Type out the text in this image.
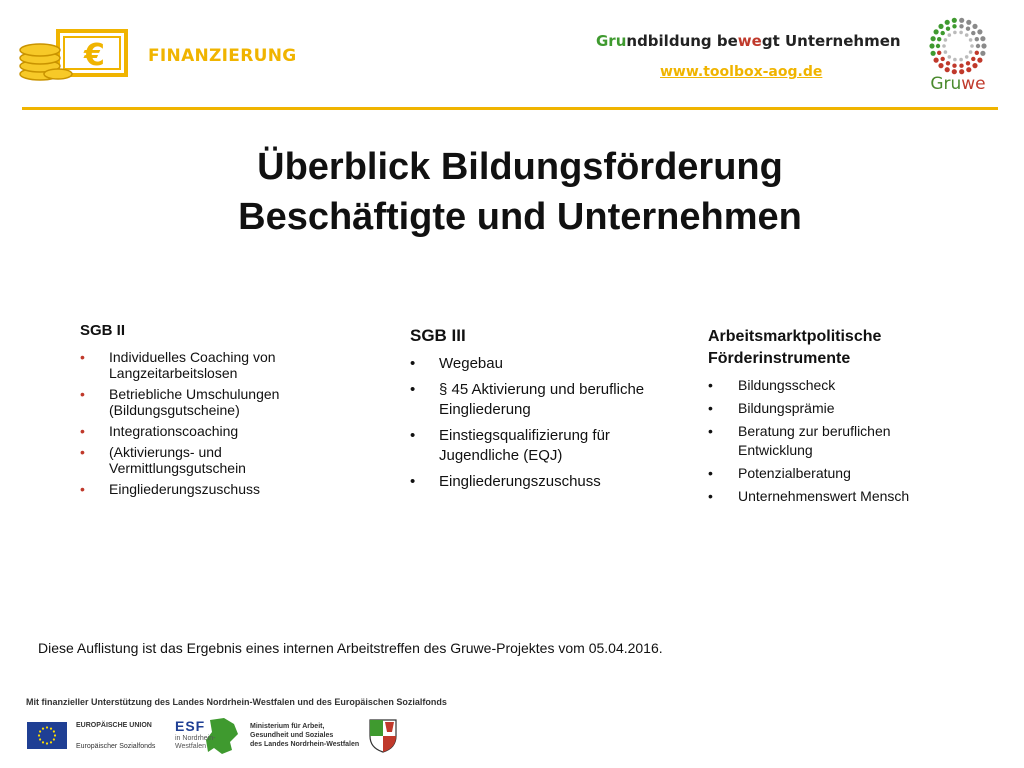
€	FINANZIERUNG
Grundbildung bewegt Unternehmen
www.toolbox-aog.de
Gruwe
Überblick Bildungsförderung
Beschäftigte und Unternehmen
SGB II
• Individuelles Coaching von Langzeitarbeitslosen
• Betriebliche Umschulungen (Bildungsgutscheine)
• Integrationscoaching
• (Aktivierungs- und Vermittlungsgutschein
• Eingliederungszuschuss
SGB III
• Wegebau
• § 45 Aktivierung und berufliche Eingliederung
• Einstiegsqualifizierung für Jugendliche (EQJ)
• Eingliederungszuschuss
Arbeitsmarktpolitische
Förderinstrumente
• Bildungsscheck
• Bildungsprämie
• Beratung zur beruflichen Entwicklung
• Potenzialberatung
• Unternehmenswert Mensch
Diese Auflistung ist das Ergebnis eines internen Arbeitstreffen des Gruwe-Projektes vom 05.04.2016.
Mit finanzieller Unterstützung des Landes Nordrhein-Westfalen und des Europäischen Sozialfonds
EUROPÄISCHE UNION
Europäischer Sozialfonds
ESF
in Nordrhein-
Westfalen
Ministerium für Arbeit,
Gesundheit und Soziales
des Landes Nordrhein-Westfalen
